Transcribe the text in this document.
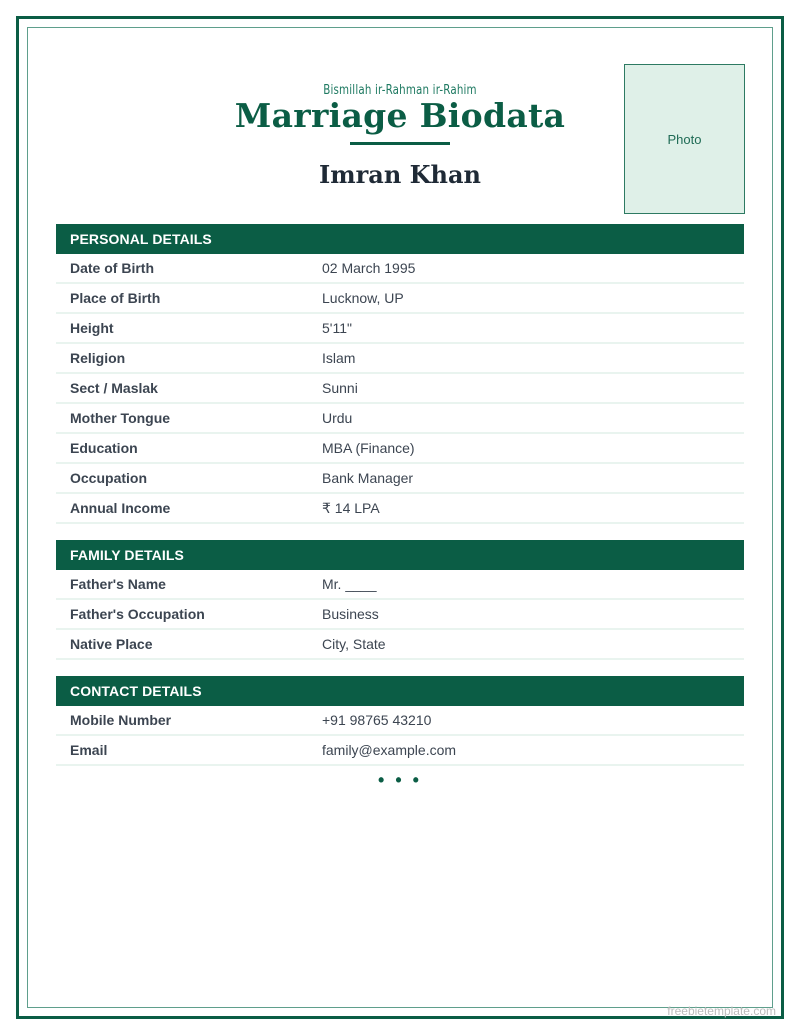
Bismillah ir-Rahman ir-Rahim
Marriage Biodata
Imran Khan
Photo
PERSONAL DETAILS
Date of Birth	02 March 1995
Place of Birth	Lucknow, UP
Height	5'11"
Religion	Islam
Sect / Maslak	Sunni
Mother Tongue	Urdu
Education	MBA (Finance)
Occupation	Bank Manager
Annual Income	₹ 14 LPA
FAMILY DETAILS
Father's Name	Mr. ____
Father's Occupation	Business
Native Place	City, State
CONTACT DETAILS
Mobile Number	+91 98765 43210
Email	family@example.com
• • •
freebietemplate.com
